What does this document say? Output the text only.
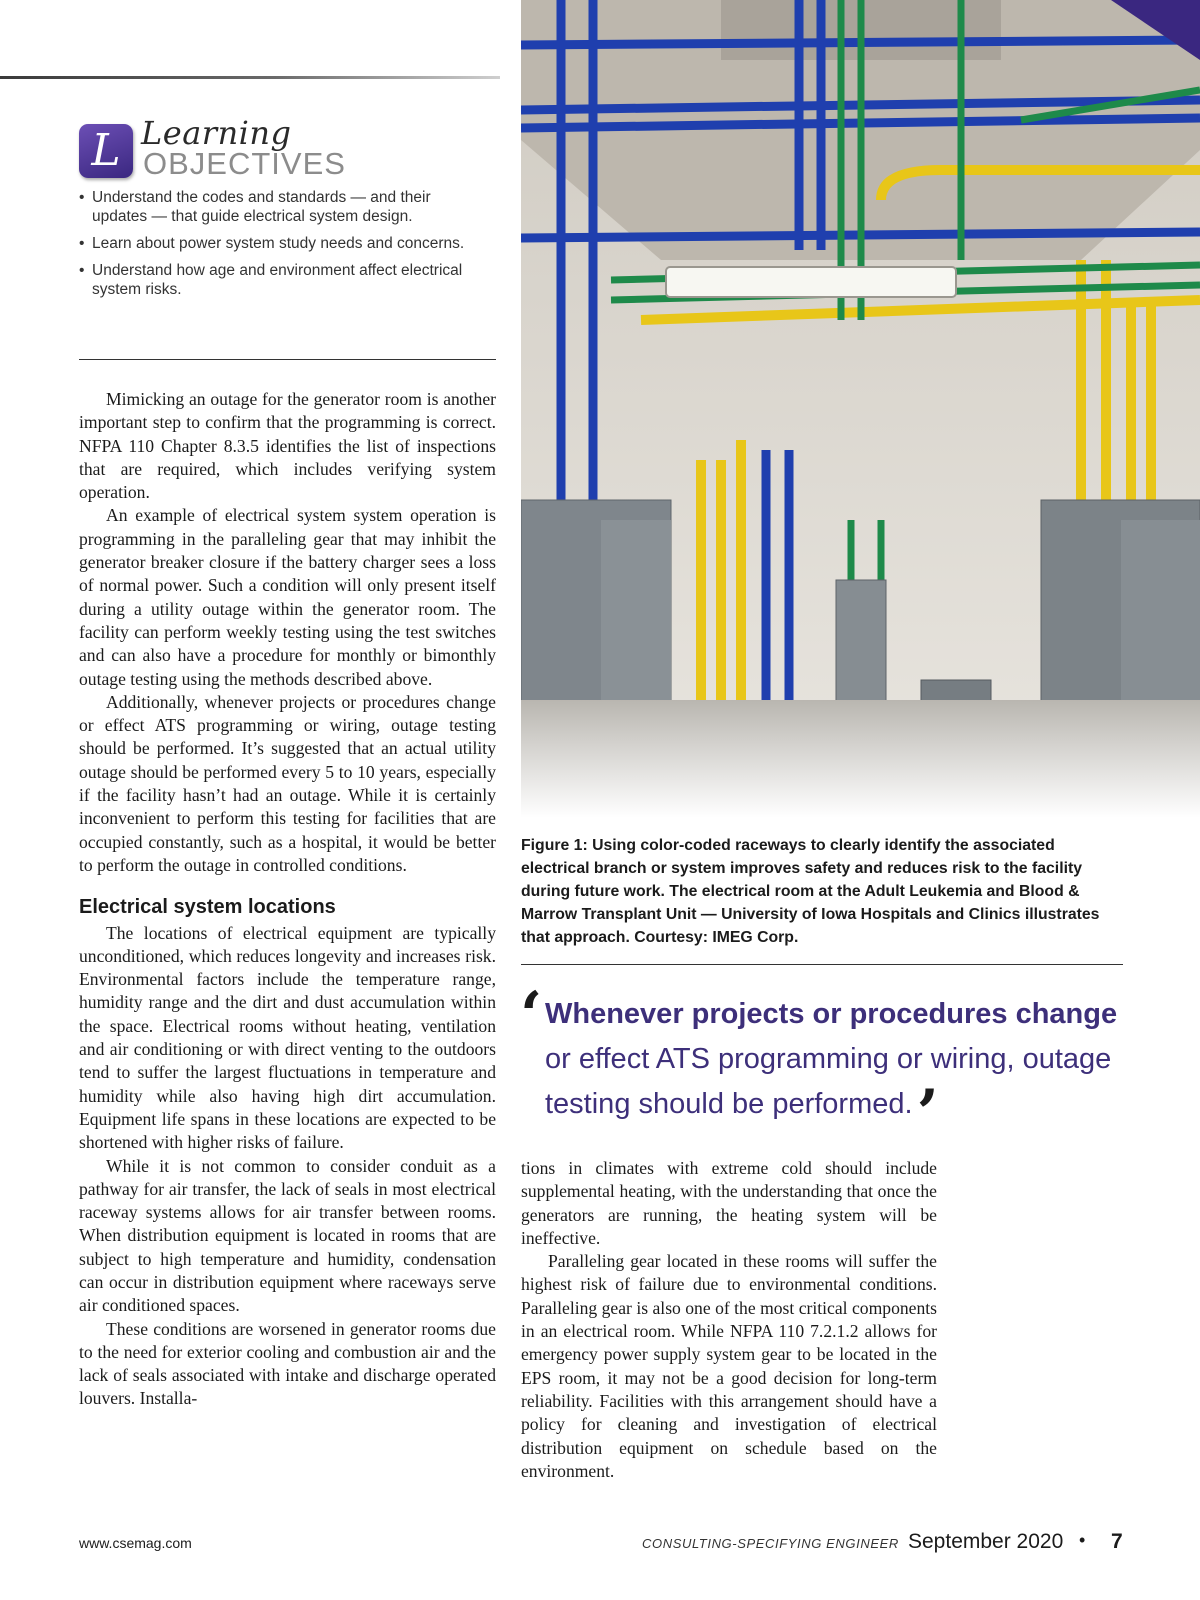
L Learning
OBJECTIVES
• Understand the codes and standards — and their updates — that guide electrical system design.
• Learn about power system study needs and concerns.
• Understand how age and environment affect electrical system risks.

Mimicking an outage for the generator room is another important step to confirm that the programming is correct. NFPA 110 Chapter 8.3.5 identifies the list of inspections that are required, which includes verifying system operation.

An example of electrical system system operation is programming in the paralleling gear that may inhibit the generator breaker closure if the battery charger sees a loss of normal power. Such a condition will only present itself during a utility outage within the generator room. The facility can perform weekly testing using the test switches and can also have a procedure for monthly or bimonthly outage testing using the methods described above.

Additionally, whenever projects or procedures change or effect ATS programming or wiring, outage testing should be performed. It’s suggested that an actual utility outage should be performed every 5 to 10 years, especially if the facility hasn’t had an outage. While it is certainly inconvenient to perform this testing for facilities that are occupied constantly, such as a hospital, it would be better to perform the outage in controlled conditions.

Electrical system locations

The locations of electrical equipment are typically unconditioned, which reduces longevity and increases risk. Environmental factors include the temperature range, humidity range and the dirt and dust accumulation within the space. Electrical rooms without heating, ventilation and air conditioning or with direct venting to the outdoors tend to suffer the largest fluctuations in temperature and humidity while also having high dirt accumulation. Equipment life spans in these locations are expected to be shortened with higher risks of failure.

While it is not common to consider conduit as a pathway for air transfer, the lack of seals in most electrical raceway systems allows for air transfer between rooms. When distribution equipment is located in rooms that are subject to high temperature and humidity, condensation can occur in distribution equipment where raceways serve air conditioned spaces.

These conditions are worsened in generator rooms due to the need for exterior cooling and combustion air and the lack of seals associated with intake and discharge operated louvers. Installa-

Figure 1: Using color-coded raceways to clearly identify the associated electrical branch or system improves safety and reduces risk to the facility during future work. The electrical room at the Adult Leukemia and Blood & Marrow Transplant Unit — University of Iowa Hospitals and Clinics illustrates that approach. Courtesy: IMEG Corp.
‘ Whenever projects or procedures change or effect ATS programming or wiring, outage testing should be performed.’

tions in climates with extreme cold should include supplemental heating, with the understanding that once the generators are running, the heating system will be ineffective.

Paralleling gear located in these rooms will suffer the highest risk of failure due to environmental conditions. Paralleling gear is also one of the most critical components in an electrical room. While NFPA 110 7.2.1.2 allows for emergency power supply system gear to be located in the EPS room, it may not be a good decision for long-term reliability. Facilities with this arrangement should have a policy for cleaning and investigation of electrical distribution equipment on schedule based on the environment.

www.csemag.com	CONSULTING-SPECIFYING ENGINEER September 2020 • 7
